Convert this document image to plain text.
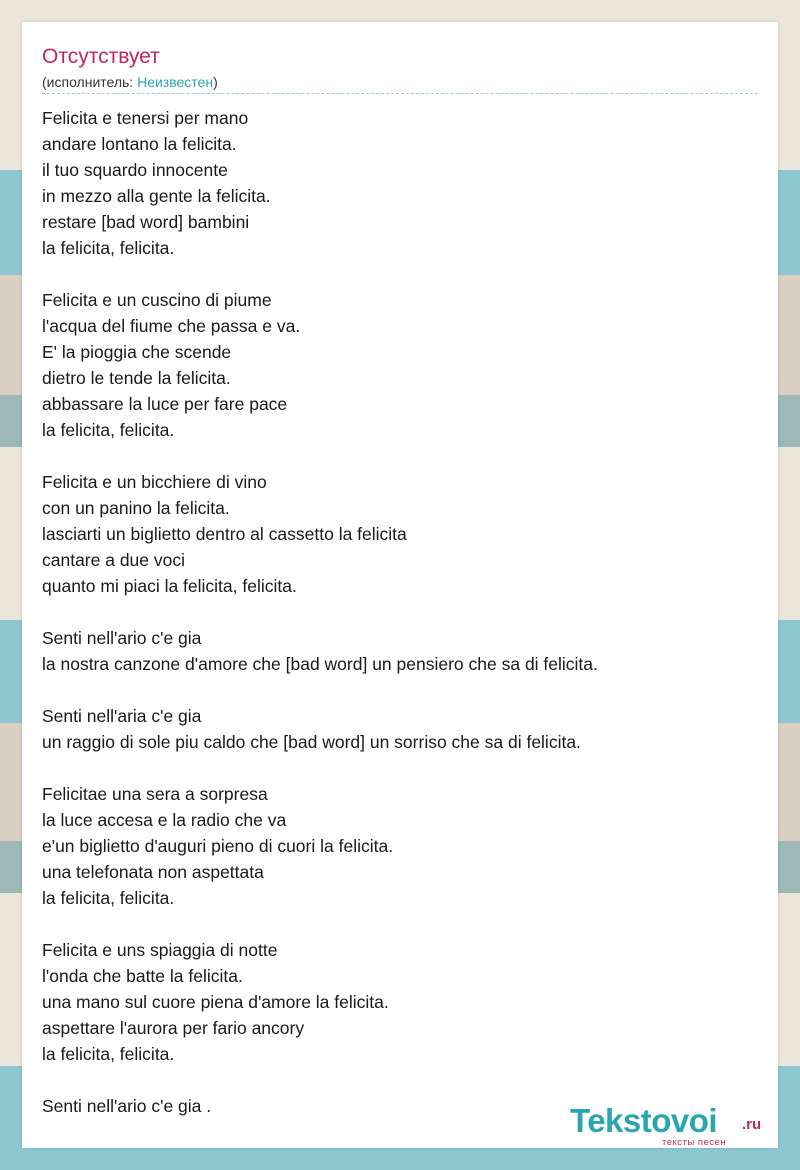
Отсутствует
(исполнитель: Неизвестен)
Felicita e tenersi per mano
andare lontano la felicita.
il tuo squardo innocente
in mezzo alla gente la felicita.
restare [bad word] bambini
la felicita, felicita.
Felicita e un cuscino di piume
l'acqua del fiume che passa e va.
E' la pioggia che scende
dietro le tende la felicita.
abbassare la luce per fare pace
la felicita, felicita.
Felicita e un bicchiere di vino
con un panino la felicita.
lasciarti un biglietto dentro al cassetto la felicita
cantare a due voci
quanto mi piaci la felicita, felicita.
Senti nell'ario c'e gia
la nostra canzone d'amore che [bad word] un pensiero che sa di felicita.
Senti nell'aria c'e gia
un raggio di sole piu caldo che [bad word] un sorriso che sa di felicita.
Felicitae una sera a sorpresa
la luce accesa e la radio che va
e'un biglietto d'auguri pieno di cuori la felicita.
una telefonata non aspettata
la felicita, felicita.
Felicita e uns spiaggia di notte
l'onda che batte la felicita.
una mano sul cuore piena d'amore la felicita.
aspettare l'aurora per fario ancory
la felicita, felicita.
Senti nell'ario c'e gia .	Tekstovoi .ru
тексты песен
